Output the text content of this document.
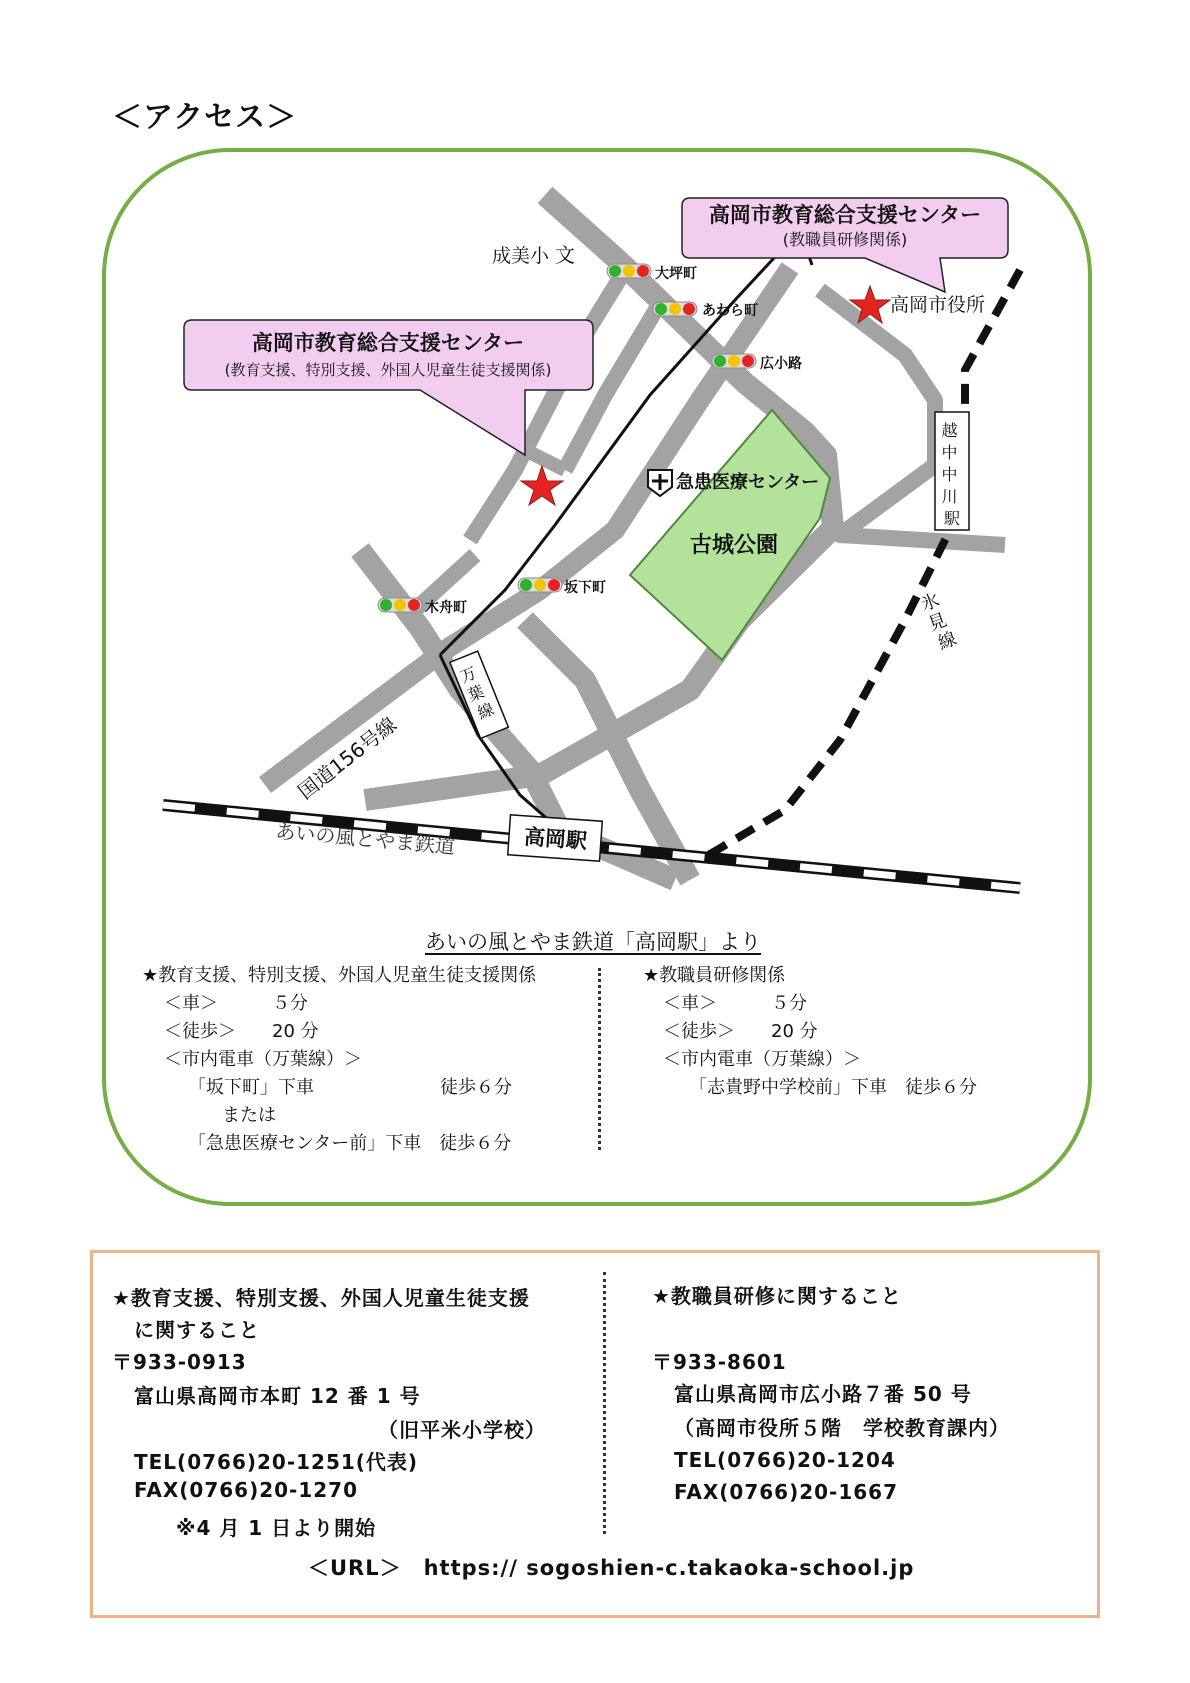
＜アクセス＞
古城公園
高岡市教育総合支援センター
(教職員研修関係)
高岡市教育総合支援センター
(教育支援、特別支援、外国人児童生徒支援関係)
成美小 文
高岡市役所
急患医療センター
大坪町
あわら町
広小路
坂下町
木舟町
国道156号線
万 葉 線
高岡駅
あいの風とやま鉄道
越 中 中 川 駅
氷 見 線
あいの風とやま鉄道「高岡駅」より
★教育支援、特別支援、外国人児童生徒支援関係
＜車＞　　　５分
＜徒歩＞　　20 分
＜市内電車（万葉線）＞
「坂下町」下車　　　　　　　徒歩６分
または
「急患医療センター前」下車　徒歩６分
★教職員研修関係
＜車＞　　　５分
＜徒歩＞　　20 分
＜市内電車（万葉線）＞
「志貴野中学校前」下車　徒歩６分
★教育支援、特別支援、外国人児童生徒支援
に関すること
〒933-0913
富山県高岡市本町 12 番 1 号
（旧平米小学校）
TEL(0766)20-1251(代表)
FAX(0766)20-1270
※4 月 1 日より開始
★教職員研修に関すること
〒933-8601
富山県高岡市広小路７番 50 号
（高岡市役所５階　学校教育課内）
TEL(0766)20-1204
FAX(0766)20-1667
＜URL＞　https:// sogoshien-c.takaoka-school.jp
